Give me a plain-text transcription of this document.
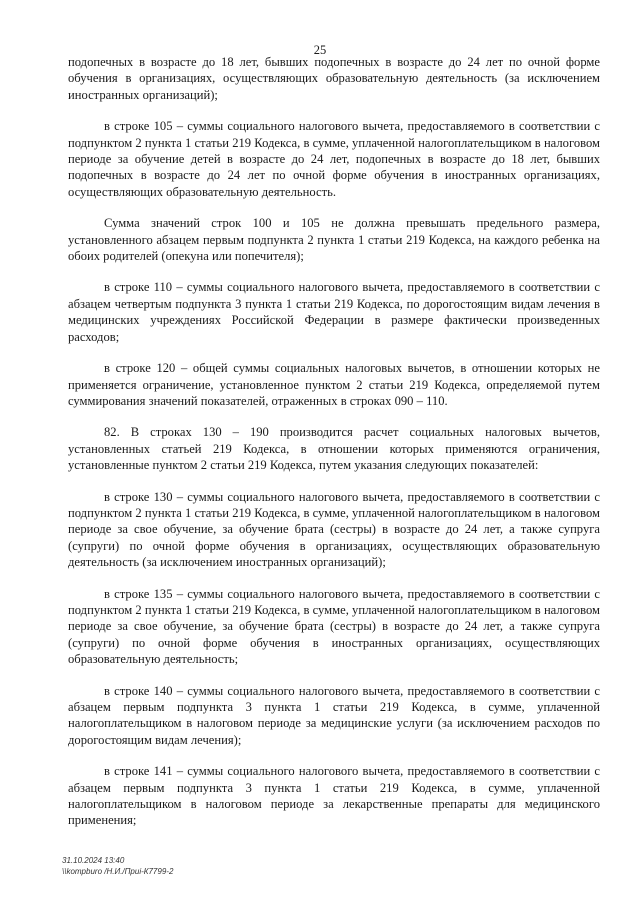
25

подопечных в возрасте до 18 лет, бывших подопечных в возрасте до 24 лет по очной форме обучения в организациях, осуществляющих образовательную деятельность (за исключением иностранных организаций);

в строке 105 – суммы социального налогового вычета, предоставляемого в соответствии с подпунктом 2 пункта 1 статьи 219 Кодекса, в сумме, уплаченной налогоплательщиком в налоговом периоде за обучение детей в возрасте до 24 лет, подопечных в возрасте до 18 лет, бывших подопечных в возрасте до 24 лет по очной форме обучения в иностранных организациях, осуществляющих образовательную деятельность.

Сумма значений строк 100 и 105 не должна превышать предельного размера, установленного абзацем первым подпункта 2 пункта 1 статьи 219 Кодекса, на каждого ребенка на обоих родителей (опекуна или попечителя);

в строке 110 – суммы социального налогового вычета, предоставляемого в соответствии с абзацем четвертым подпункта 3 пункта 1 статьи 219 Кодекса, по дорогостоящим видам лечения в медицинских учреждениях Российской Федерации в размере фактически произведенных расходов;

в строке 120 – общей суммы социальных налоговых вычетов, в отношении которых не применяется ограничение, установленное пунктом 2 статьи 219 Кодекса, определяемой путем суммирования значений показателей, отраженных в строках 090 – 110.

82. В строках 130 – 190 производится расчет социальных налоговых вычетов, установленных статьей 219 Кодекса, в отношении которых применяются ограничения, установленные пунктом 2 статьи 219 Кодекса, путем указания следующих показателей:

в строке 130 – суммы социального налогового вычета, предоставляемого в соответствии с подпунктом 2 пункта 1 статьи 219 Кодекса, в сумме, уплаченной налогоплательщиком в налоговом периоде за свое обучение, за обучение брата (сестры) в возрасте до 24 лет, а также супруга (супруги) по очной форме обучения в организациях, осуществляющих образовательную деятельность (за исключением иностранных организаций);

в строке 135 – суммы социального налогового вычета, предоставляемого в соответствии с подпунктом 2 пункта 1 статьи 219 Кодекса, в сумме, уплаченной налогоплательщиком в налоговом периоде за свое обучение, за обучение брата (сестры) в возрасте до 24 лет, а также супруга (супруги) по очной форме обучения в иностранных организациях, осуществляющих образовательную деятельность;

в строке 140 – суммы социального налогового вычета, предоставляемого в соответствии с абзацем первым подпункта 3 пункта 1 статьи 219 Кодекса, в сумме, уплаченной налогоплательщиком в налоговом периоде за медицинские услуги (за исключением расходов по дорогостоящим видам лечения);

в строке 141 – суммы социального налогового вычета, предоставляемого в соответствии с абзацем первым подпункта 3 пункта 1 статьи 219 Кодекса, в сумме, уплаченной налогоплательщиком в налоговом периоде за лекарственные препараты для медицинского применения;

31.10.2024 13:40
\\kompburo /Н.И./Приi-К7799-2
